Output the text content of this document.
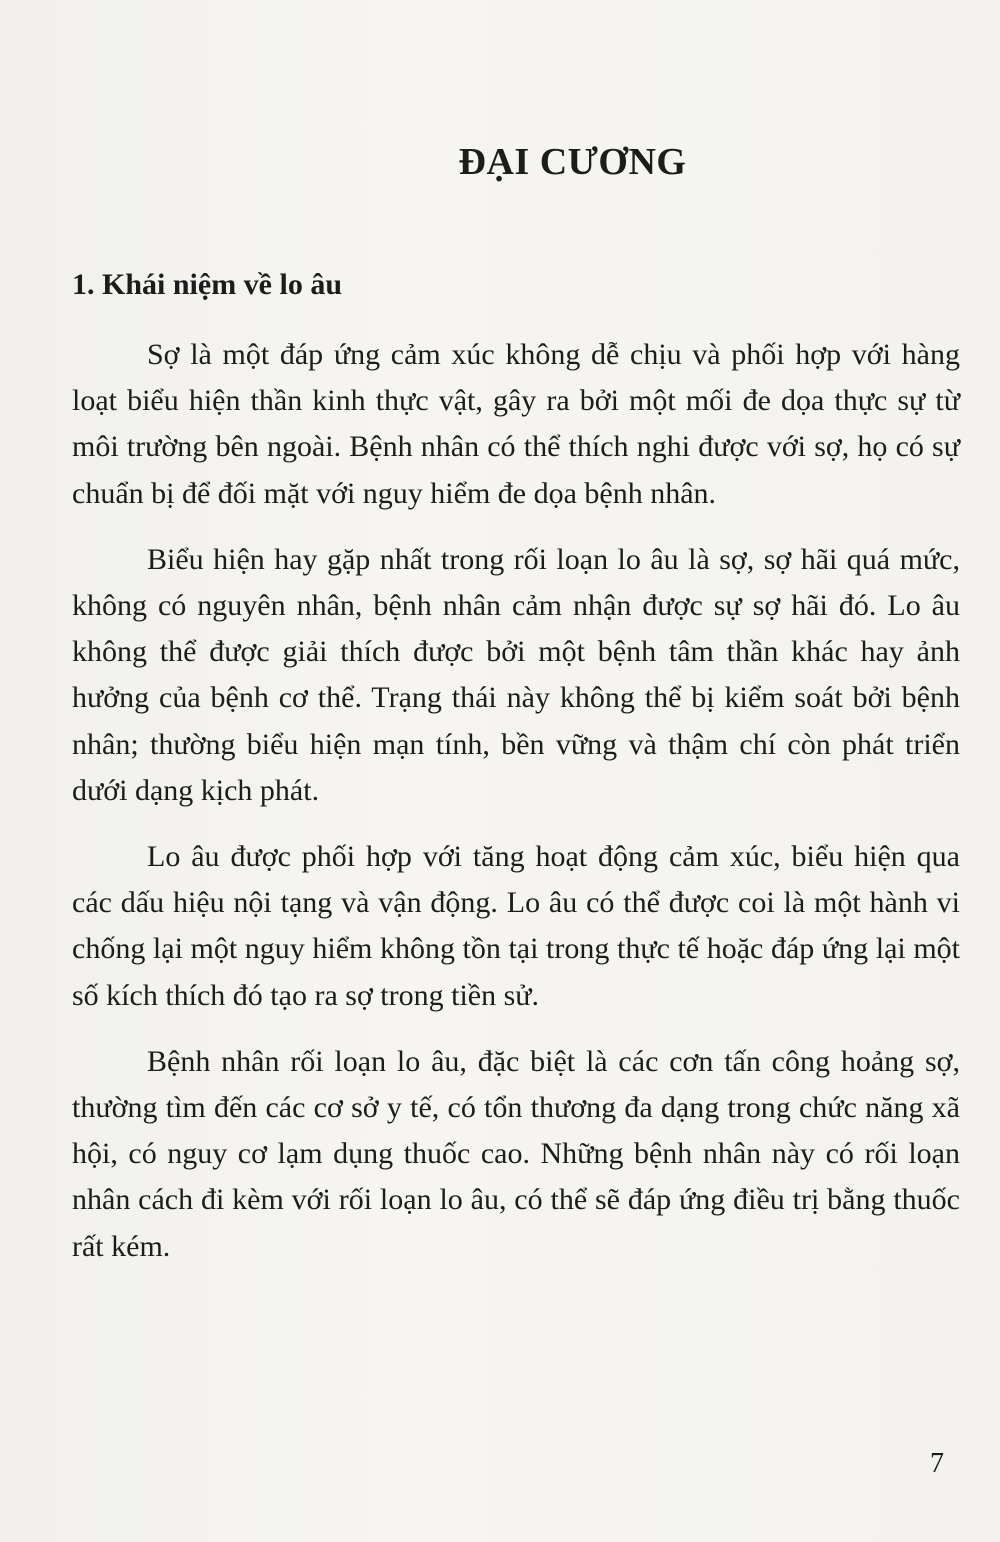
ĐẠI CƯƠNG
1. Khái niệm về lo âu

Sợ là một đáp ứng cảm xúc không dễ chịu và phối hợp với hàng loạt biểu hiện thần kinh thực vật, gây ra bởi một mối đe dọa thực sự từ môi trường bên ngoài. Bệnh nhân có thể thích nghi được với sợ, họ có sự chuẩn bị để đối mặt với nguy hiểm đe dọa bệnh nhân.

Biểu hiện hay gặp nhất trong rối loạn lo âu là sợ, sợ hãi quá mức, không có nguyên nhân, bệnh nhân cảm nhận được sự sợ hãi đó. Lo âu không thể được giải thích được bởi một bệnh tâm thần khác hay ảnh hưởng của bệnh cơ thể. Trạng thái này không thể bị kiểm soát bởi bệnh nhân; thường biểu hiện mạn tính, bền vững và thậm chí còn phát triển dưới dạng kịch phát.

Lo âu được phối hợp với tăng hoạt động cảm xúc, biểu hiện qua các dấu hiệu nội tạng và vận động. Lo âu có thể được coi là một hành vi chống lại một nguy hiểm không tồn tại trong thực tế hoặc đáp ứng lại một số kích thích đó tạo ra sợ trong tiền sử.

Bệnh nhân rối loạn lo âu, đặc biệt là các cơn tấn công hoảng sợ, thường tìm đến các cơ sở y tế, có tổn thương đa dạng trong chức năng xã hội, có nguy cơ lạm dụng thuốc cao. Những bệnh nhân này có rối loạn nhân cách đi kèm với rối loạn lo âu, có thể sẽ đáp ứng điều trị bằng thuốc rất kém.

7
